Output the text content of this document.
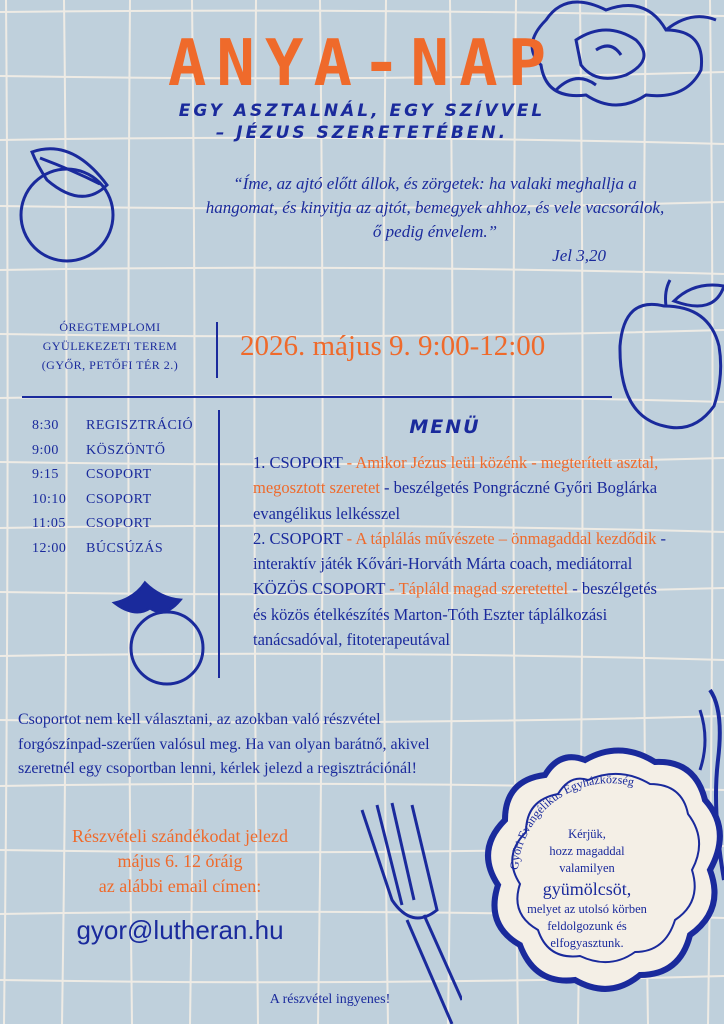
Győri Evangélikus Egyházközség
ANYA-NAP
EGY ASZTALNÁL, EGY SZÍVVEL
– JÉZUS SZERETETÉBEN.
“Íme, az ajtó előtt állok, és zörgetek: ha valaki meghallja a hangomat, és kinyitja az ajtót, bemegyek ahhoz, és vele vacsorálok, ő pedig énvelem.”
Jel 3,20
ÓREGTEMPLOMI
GYÜLEKEZETI TEREM
(GYŐR, PETŐFI TÉR 2.)
2026. május 9. 9:00-12:00
8:30	REGISZTRÁCIÓ
9:00	KÖSZÖNTŐ
9:15	CSOPORT
10:10	CSOPORT
11:05	CSOPORT
12:00	BÚCSÚZÁS
MENÜ
1. CSOPORT - Amikor Jézus leül közénk - megterített asztal, megosztott szeretet - beszélgetés Pongráczné Győri Boglárka evangélikus lelkésszel
2. CSOPORT - A táplálás művészete – önmagaddal kezdődik - interaktív játék Kővári-Horváth Márta coach, mediátorral
KÖZÖS CSOPORT - Tápláld magad szeretettel - beszélgetés és közös ételkészítés Marton-Tóth Eszter táplálkozási tanácsadóval, fitoterapeutával
Csoportot nem kell választani, az azokban való részvétel forgószínpad-szerűen valósul meg. Ha van olyan barátnő, akivel szeretnél egy csoportban lenni, kérlek jelezd a regisztrációnál!
Részvételi szándékodat jelezd
május 6. 12 óráig
az alábbi email címen:
gyor@lutheran.hu
A részvétel ingyenes!
Kérjük,
hozz magaddal
valamilyen
gyümölcsöt,
melyet az utolsó körben
feldolgozunk és
elfogyasztunk.
